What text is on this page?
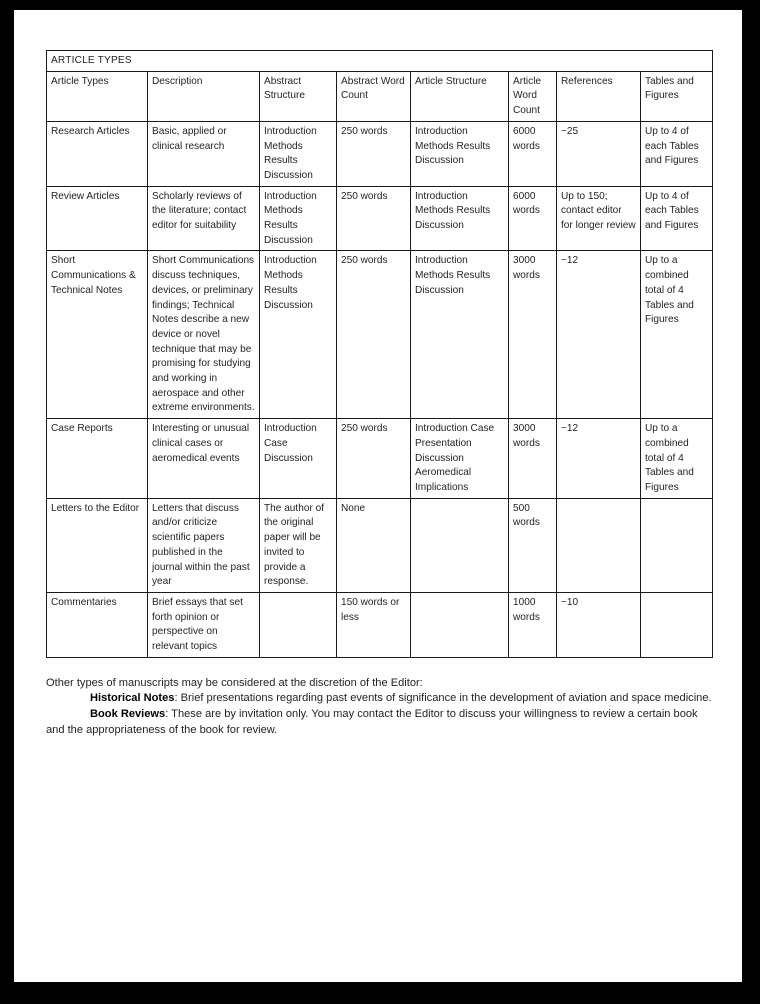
ARTICLE TYPES							
Article Types	Description	Abstract Structure	Abstract Word Count	Article Structure	Article Word Count	References	Tables and Figures
Research Articles	Basic, applied or clinical research	Introduction Methods Results Discussion	250 words	Introduction Methods Results Discussion	6000 words	~25	Up to 4 of each Tables and Figures
Review Articles	Scholarly reviews of the literature; contact editor for suitability	Introduction Methods Results Discussion	250 words	Introduction Methods Results Discussion	6000 words	Up to 150; contact editor for longer review	Up to 4 of each Tables and Figures
Short Communications & Technical Notes	Short Communications discuss techniques, devices, or preliminary findings; Technical Notes describe a new device or novel technique that may be promising for studying and working in aerospace and other extreme environments.	Introduction Methods Results Discussion	250 words	Introduction Methods Results Discussion	3000 words	~12	Up to a combined total of 4 Tables and Figures
Case Reports	Interesting or unusual clinical cases or aeromedical events	Introduction Case Discussion	250 words	Introduction Case Presentation Discussion Aeromedical Implications	3000 words	~12	Up to a combined total of 4 Tables and Figures
Letters to the Editor	Letters that discuss and/or criticize scientific papers published in the journal within the past year	The author of the original paper will be invited to provide a response.	None		500 words		
Commentaries	Brief essays that set forth opinion or perspective on relevant topics		150 words or less		1000 words	~10	

Other types of manuscripts may be considered at the discretion of the Editor:

Historical Notes: Brief presentations regarding past events of significance in the development of aviation and space medicine.

Book Reviews: These are by invitation only. You may contact the Editor to discuss your willingness to review a certain book and the appropriateness of the book for review.
